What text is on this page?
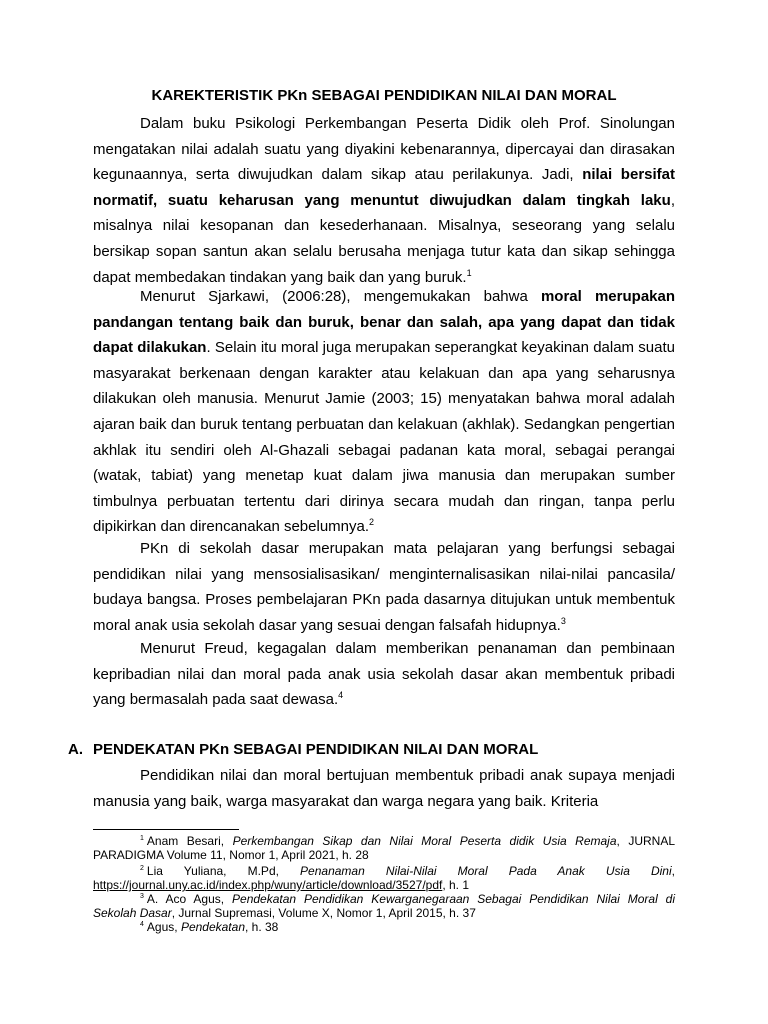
KAREKTERISTIK PKn SEBAGAI PENDIDIKAN NILAI DAN MORAL

Dalam buku Psikologi Perkembangan Peserta Didik oleh Prof. Sinolungan mengatakan nilai adalah suatu yang diyakini kebenarannya, dipercayai dan dirasakan kegunaannya, serta diwujudkan dalam sikap atau perilakunya. Jadi, nilai bersifat normatif, suatu keharusan yang menuntut diwujudkan dalam tingkah laku, misalnya nilai kesopanan dan kesederhanaan. Misalnya, seseorang yang selalu bersikap sopan santun akan selalu berusaha menjaga tutur kata dan sikap sehingga dapat membedakan tindakan yang baik dan yang buruk.$^1$

Menurut Sjarkawi, (2006:28), mengemukakan bahwa moral merupakan pandangan tentang baik dan buruk, benar dan salah, apa yang dapat dan tidak dapat dilakukan. Selain itu moral juga merupakan seperangkat keyakinan dalam suatu masyarakat berkenaan dengan karakter atau kelakuan dan apa yang seharusnya dilakukan oleh manusia. Menurut Jamie (2003; 15) menyatakan bahwa moral adalah ajaran baik dan buruk tentang perbuatan dan kelakuan (akhlak). Sedangkan pengertian akhlak itu sendiri oleh Al-Ghazali sebagai padanan kata moral, sebagai perangai (watak, tabiat) yang menetap kuat dalam jiwa manusia dan merupakan sumber timbulnya perbuatan tertentu dari dirinya secara mudah dan ringan, tanpa perlu dipikirkan dan direncanakan sebelumnya.$^2$

PKn di sekolah dasar merupakan mata pelajaran yang berfungsi sebagai pendidikan nilai yang mensosialisasikan/ menginternalisasikan nilai-nilai pancasila/ budaya bangsa. Proses pembelajaran PKn pada dasarnya ditujukan untuk membentuk moral anak usia sekolah dasar yang sesuai dengan falsafah hidupnya.$^3$

Menurut Freud, kegagalan dalam memberikan penanaman dan pembinaan kepribadian nilai dan moral pada anak usia sekolah dasar akan membentuk pribadi yang bermasalah pada saat dewasa.$^4$

A. PENDEKATAN PKn SEBAGAI PENDIDIKAN NILAI DAN MORAL

Pendidikan nilai dan moral bertujuan membentuk pribadi anak supaya menjadi manusia yang baik, warga masyarakat dan warga negara yang baik. Kriteria

$^1$ Anam Besari, Perkembangan Sikap dan Nilai Moral Peserta didik Usia Remaja, JURNAL PARADIGMA Volume 11, Nomor 1, April 2021, h. 28

$^2$ Lia Yuliana, M.Pd, Penanaman Nilai-Nilai Moral Pada Anak Usia Dini, https://journal.uny.ac.id/index.php/wuny/article/download/3527/pdf, h. 1

$^3$ A. Aco Agus, Pendekatan Pendidikan Kewarganegaraan Sebagai Pendidikan Nilai Moral di Sekolah Dasar, Jurnal Supremasi, Volume X, Nomor 1, April 2015, h. 37

$^4$ Agus, Pendekatan, h. 38
